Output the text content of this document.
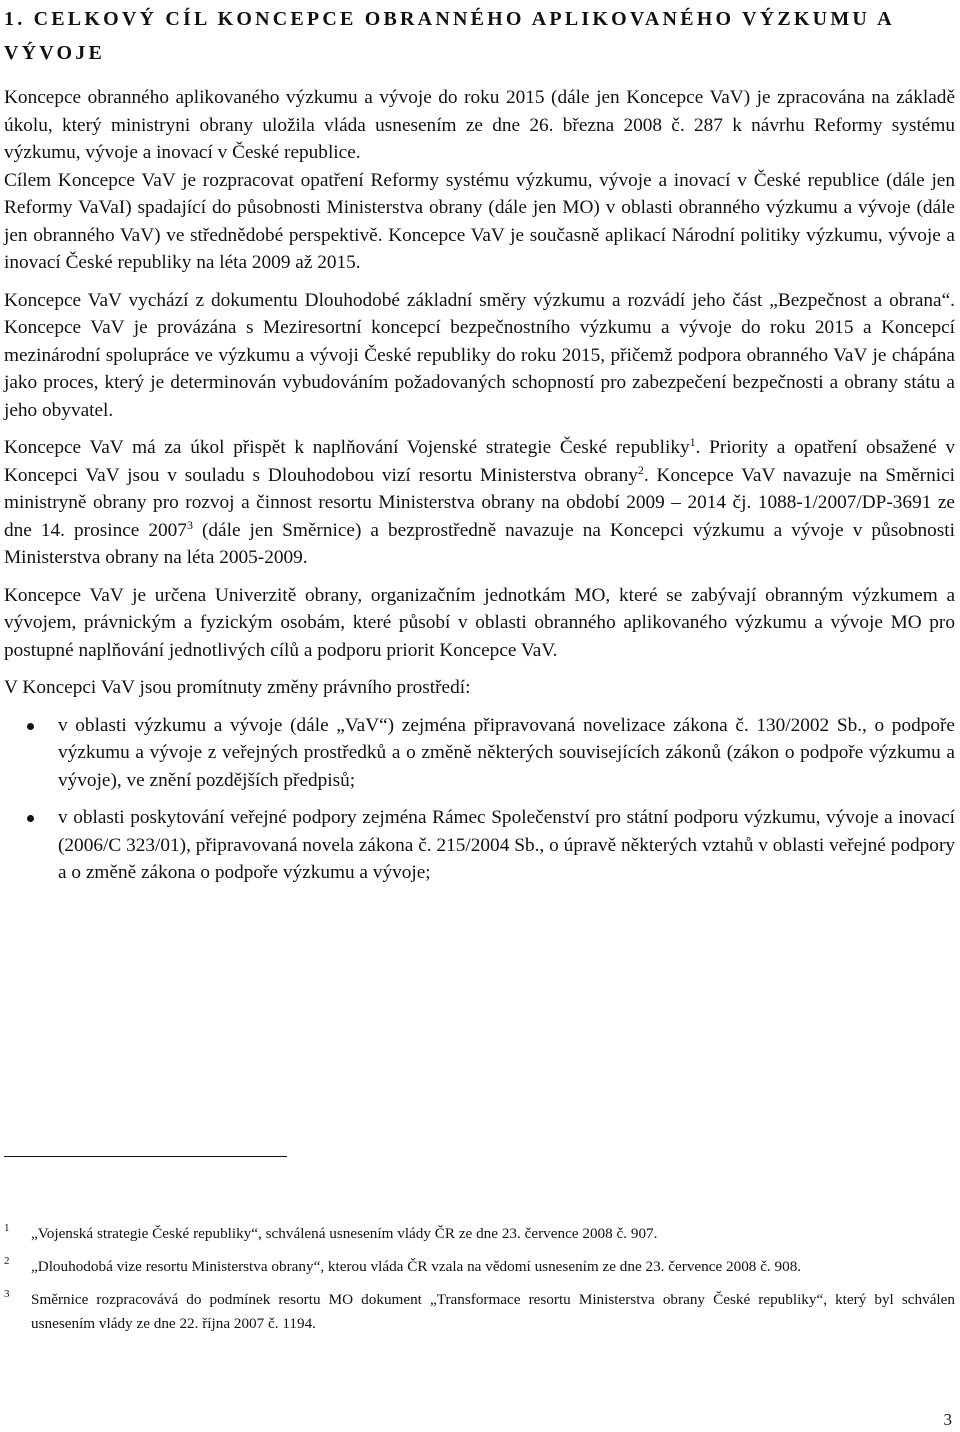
1. CELKOVÝ CÍL KONCEPCE OBRANNÉHO APLIKOVANÉHO VÝZKUMU A VÝVOJE

Koncepce obranného aplikovaného výzkumu a vývoje do roku 2015 (dále jen Koncepce VaV) je zpracována na základě úkolu, který ministryni obrany uložila vláda usnesením ze dne 26. března 2008 č. 287 k návrhu Reformy systému výzkumu, vývoje a inovací v České republice.

Cílem Koncepce VaV je rozpracovat opatření Reformy systému výzkumu, vývoje a inovací v České republice (dále jen Reformy VaVaI) spadající do působnosti Ministerstva obrany (dále jen MO) v oblasti obranného výzkumu a vývoje (dále jen obranného VaV) ve střednědobé perspektivě. Koncepce VaV je současně aplikací Národní politiky výzkumu, vývoje a inovací České republiky na léta 2009 až 2015.

Koncepce VaV vychází z dokumentu Dlouhodobé základní směry výzkumu a rozvádí jeho část „Bezpečnost a obrana“. Koncepce VaV je provázána s Meziresortní koncepcí bezpečnostního výzkumu a vývoje do roku 2015 a Koncepcí mezinárodní spolupráce ve výzkumu a vývoji České republiky do roku 2015, přičemž podpora obranného VaV je chápána jako proces, který je determinován vybudováním požadovaných schopností pro zabezpečení bezpečnosti a obrany státu a jeho obyvatel.

Koncepce VaV má za úkol přispět k naplňování Vojenské strategie České republiky$^1$. Priority a opatření obsažené v Koncepci VaV jsou v souladu s Dlouhodobou vizí resortu Ministerstva obrany$^2$. Koncepce VaV navazuje na Směrnici ministryně obrany pro rozvoj a činnost resortu Ministerstva obrany na období 2009 – 2014 čj. 1088-1/2007/DP-3691 ze dne 14. prosince 2007$^3$ (dále jen Směrnice) a bezprostředně navazuje na Koncepci výzkumu a vývoje v působnosti Ministerstva obrany na léta 2005-2009.

Koncepce VaV je určena Univerzitě obrany, organizačním jednotkám MO, které se zabývají obranným výzkumem a vývojem, právnickým a fyzickým osobám, které působí v oblasti obranného aplikovaného výzkumu a vývoje MO pro postupné naplňování jednotlivých cílů a podporu priorit Koncepce VaV.

V Koncepci VaV jsou promítnuty změny právního prostředí:

v oblasti výzkumu a vývoje (dále „VaV“) zejména připravovaná novelizace zákona č. 130/2002 Sb., o podpoře výzkumu a vývoje z veřejných prostředků a o změně některých souvisejících zákonů (zákon o podpoře výzkumu a vývoje), ve znění pozdějších předpisů;
v oblasti poskytování veřejné podpory zejména Rámec Společenství pro státní podporu výzkumu, vývoje a inovací (2006/C 323/01), připravovaná novela zákona č. 215/2004 Sb., o úpravě některých vztahů v oblasti veřejné podpory a o změně zákona o podpoře výzkumu a vývoje;
1 „Vojenská strategie České republiky“, schválená usnesením vlády ČR ze dne 23. července 2008 č. 907.
2 „Dlouhodobá vize resortu Ministerstva obrany“, kterou vláda ČR vzala na vědomí usnesením ze dne 23. července 2008 č. 908.
3 Směrnice rozpracovává do podmínek resortu MO dokument „Transformace resortu Ministerstva obrany České republiky“, který byl schválen usnesením vlády ze dne 22. října 2007 č. 1194.
3
